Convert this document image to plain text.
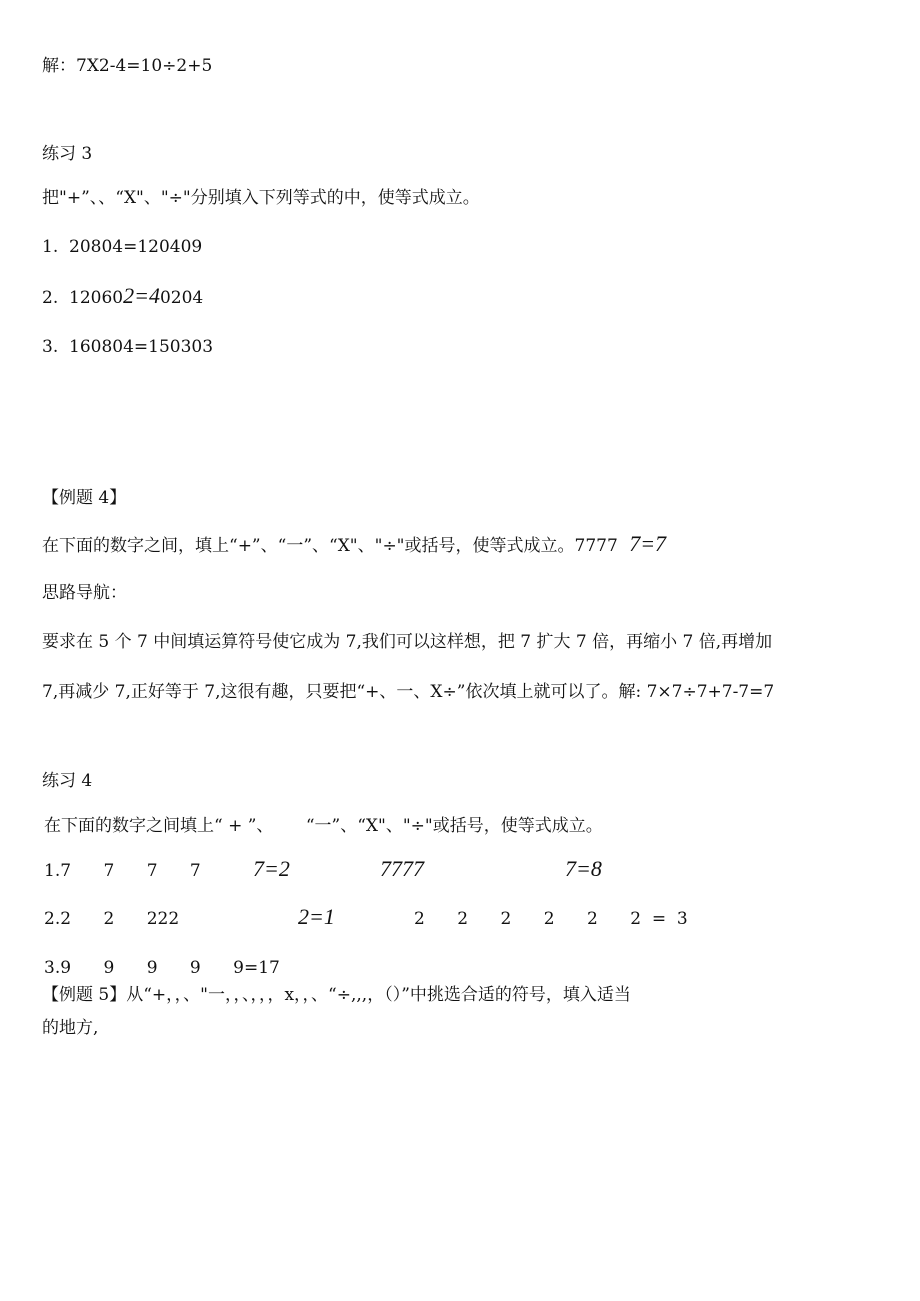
解：7X2-4=10÷2+5
练习 3
把"+”、、“X"、"÷"分别填入下列等式的中，使等式成立。
1.  20804=120409
2.  120602=40204
3.  160804=150303
【例题 4】
在下面的数字之间，填上“+”、“一”、“X"、"÷"或括号，使等式成立。7777 7=7
思路导航：
要求在 5 个 7 中间填运算符号使它成为 7,我们可以这样想，把 7 扩大 7 倍，再缩小 7 倍,再增加
7,再减少 7,正好等于 7,这很有趣，只要把“+、一、X÷”依次填上就可以了。解: 7×7÷7+7-7=7
练习 4
在下面的数字之间填上“ + ”、      “一”、“X"、"÷"或括号，使等式成立。
1.7      7      7      7 7=2	7777	7=8
2.2      2      222	2=1	2      2      2      2      2      2  =  3
3.9      9      9      9      9=17
【例题 5】从“+，，、"一，，、，，，x，，、“÷,,,，（）”中挑选合适的符号，填入适当
的地方,
